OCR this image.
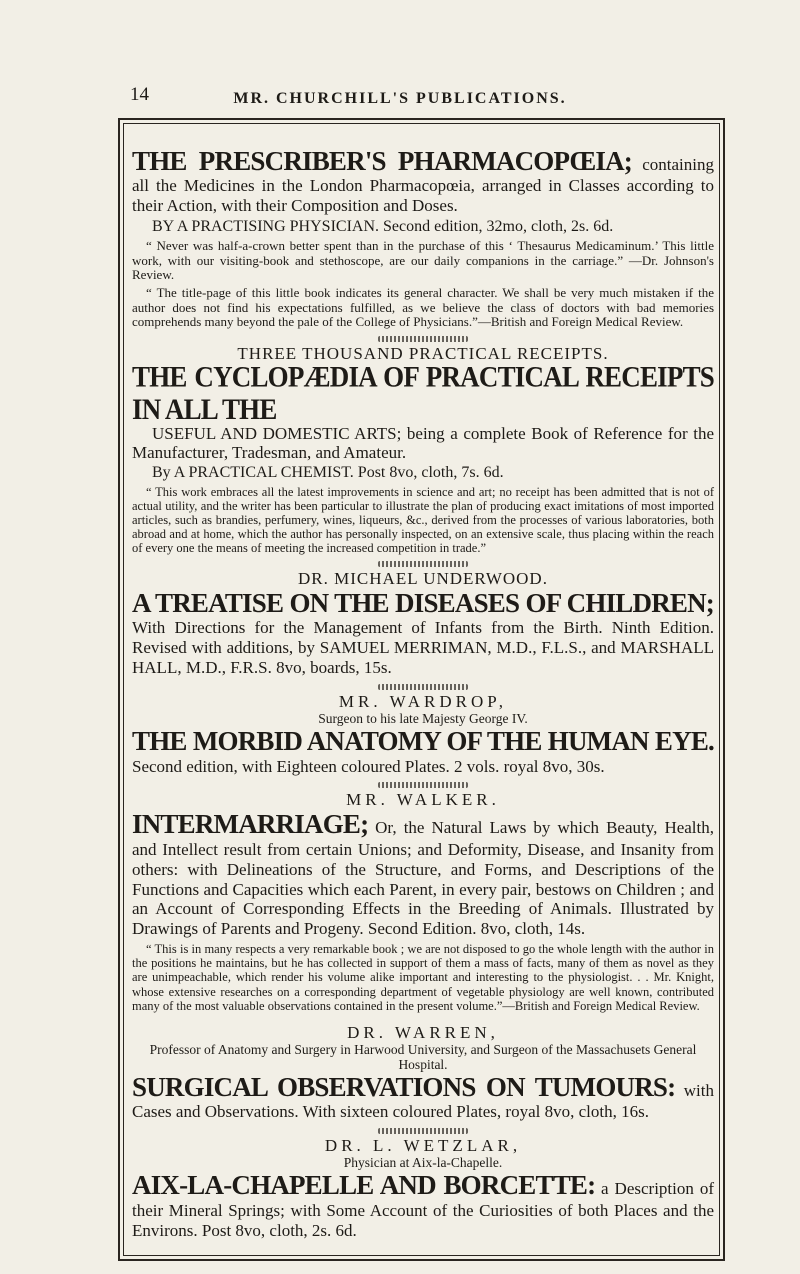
14	MR. CHURCHILL'S PUBLICATIONS.
THE PRESCRIBER'S PHARMACOPŒIA; containing all the Medicines in the London Pharmacopœia, arranged in Classes according to their Action, with their Composition and Doses.
BY A PRACTISING PHYSICIAN. Second edition, 32mo, cloth, 2s. 6d.
“ Never was half-a-crown better spent than in the purchase of this ‘ Thesaurus Medicaminum.’ This little work, with our visiting-book and stethoscope, are our daily companions in the carriage.” —Dr. Johnson's Review.
“ The title-page of this little book indicates its general character. We shall be very much mistaken if the author does not find his expectations fulfilled, as we believe the class of doctors with bad memories comprehends many beyond the pale of the College of Physicians.”—British and Foreign Medical Review.
THREE THOUSAND PRACTICAL RECEIPTS.
THE CYCLOPÆDIA OF PRACTICAL RECEIPTS IN ALL THE
USEFUL AND DOMESTIC ARTS; being a complete Book of Reference for the Manufacturer, Tradesman, and Amateur.
By A PRACTICAL CHEMIST. Post 8vo, cloth, 7s. 6d.
“ This work embraces all the latest improvements in science and art; no receipt has been admitted that is not of actual utility, and the writer has been particular to illustrate the plan of producing exact imitations of most imported articles, such as brandies, perfumery, wines, liqueurs, &c., derived from the processes of various laboratories, both abroad and at home, which the author has personally inspected, on an extensive scale, thus placing within the reach of every one the means of meeting the increased competition in trade.”
DR. MICHAEL UNDERWOOD.
A TREATISE ON THE DISEASES OF CHILDREN; With Directions for the Management of Infants from the Birth. Ninth Edition. Revised with additions, by SAMUEL MERRIMAN, M.D., F.L.S., and MARSHALL HALL, M.D., F.R.S. 8vo, boards, 15s.
MR. WARDROP,
Surgeon to his late Majesty George IV.
THE MORBID ANATOMY OF THE HUMAN EYE. Second edition, with Eighteen coloured Plates. 2 vols. royal 8vo, 30s.
MR. WALKER.
INTERMARRIAGE; Or, the Natural Laws by which Beauty, Health, and Intellect result from certain Unions; and Deformity, Disease, and Insanity from others: with Delineations of the Structure, and Forms, and Descriptions of the Functions and Capacities which each Parent, in every pair, bestows on Children ; and an Account of Corresponding Effects in the Breeding of Animals. Illustrated by Drawings of Parents and Progeny. Second Edition. 8vo, cloth, 14s.
“ This is in many respects a very remarkable book ; we are not disposed to go the whole length with the author in the positions he maintains, but he has collected in support of them a mass of facts, many of them as novel as they are unimpeachable, which render his volume alike important and interesting to the physiologist. . . Mr. Knight, whose extensive researches on a corresponding department of vegetable physiology are well known, contributed many of the most valuable observations contained in the present volume.”—British and Foreign Medical Review.
DR. WARREN,
Professor of Anatomy and Surgery in Harwood University, and Surgeon of the Massachusets General Hospital.
SURGICAL OBSERVATIONS ON TUMOURS: with Cases and Observations. With sixteen coloured Plates, royal 8vo, cloth, 16s.
DR. L. WETZLAR,
Physician at Aix-la-Chapelle.
AIX-LA-CHAPELLE AND BORCETTE: a Description of their Mineral Springs; with Some Account of the Curiosities of both Places and the Environs. Post 8vo, cloth, 2s. 6d.
